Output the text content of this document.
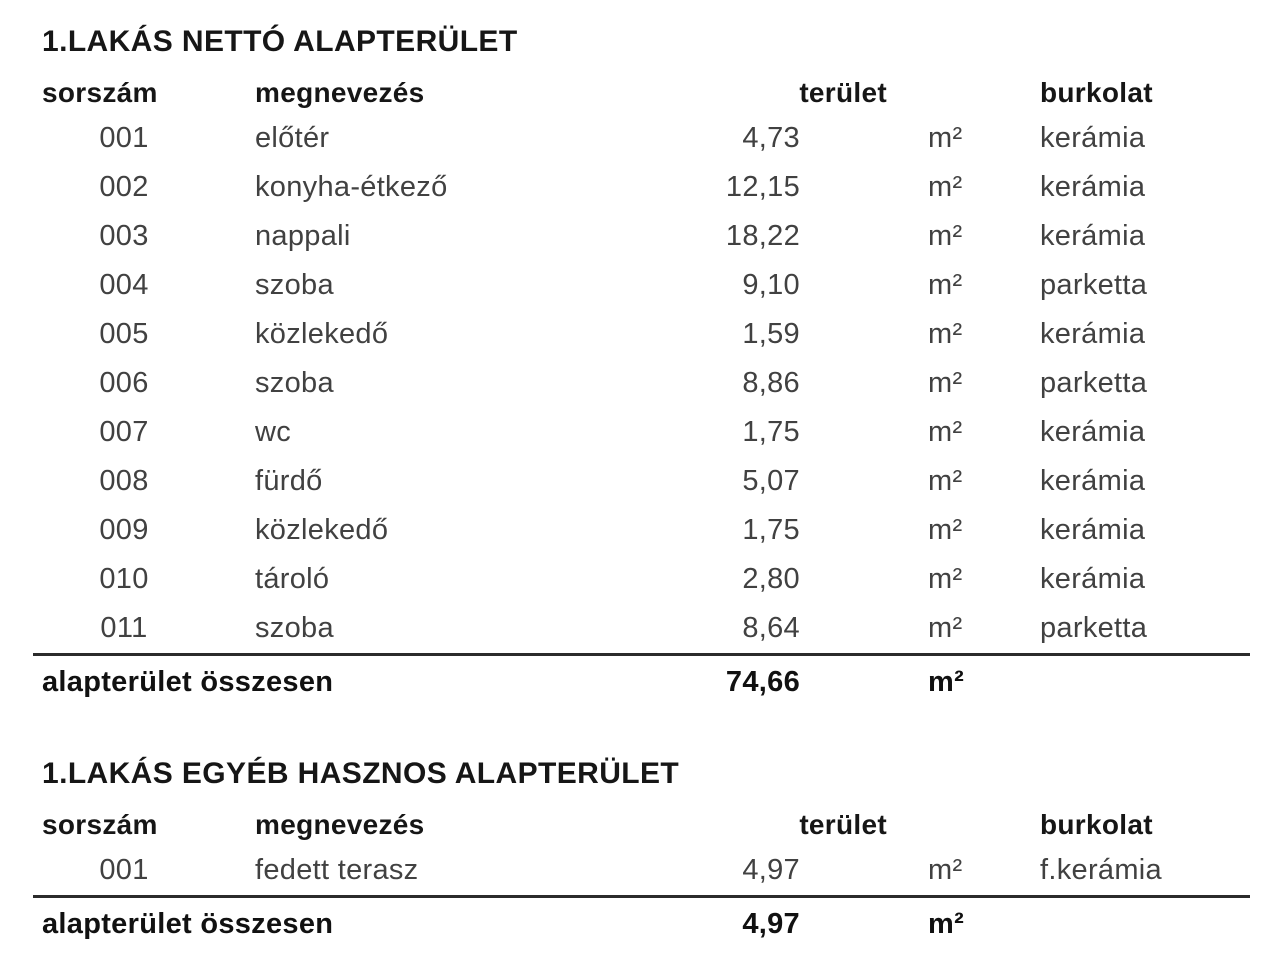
1.LAKÁS NETTÓ ALAPTERÜLET
sorszám	megnevezés	terület	burkolat
001	előtér	4,73	m²	kerámia
002	konyha-étkező	12,15	m²	kerámia
003	nappali	18,22	m²	kerámia
004	szoba	9,10	m²	parketta
005	közlekedő	1,59	m²	kerámia
006	szoba	8,86	m²	parketta
007	wc	1,75	m²	kerámia
008	fürdő	5,07	m²	kerámia
009	közlekedő	1,75	m²	kerámia
010	tároló	2,80	m²	kerámia
011	szoba	8,64	m²	parketta
alapterület összesen	74,66	m²
1.LAKÁS EGYÉB HASZNOS ALAPTERÜLET
sorszám	megnevezés	terület	burkolat
001	fedett terasz	4,97	m²	f.kerámia
alapterület összesen	4,97	m²
